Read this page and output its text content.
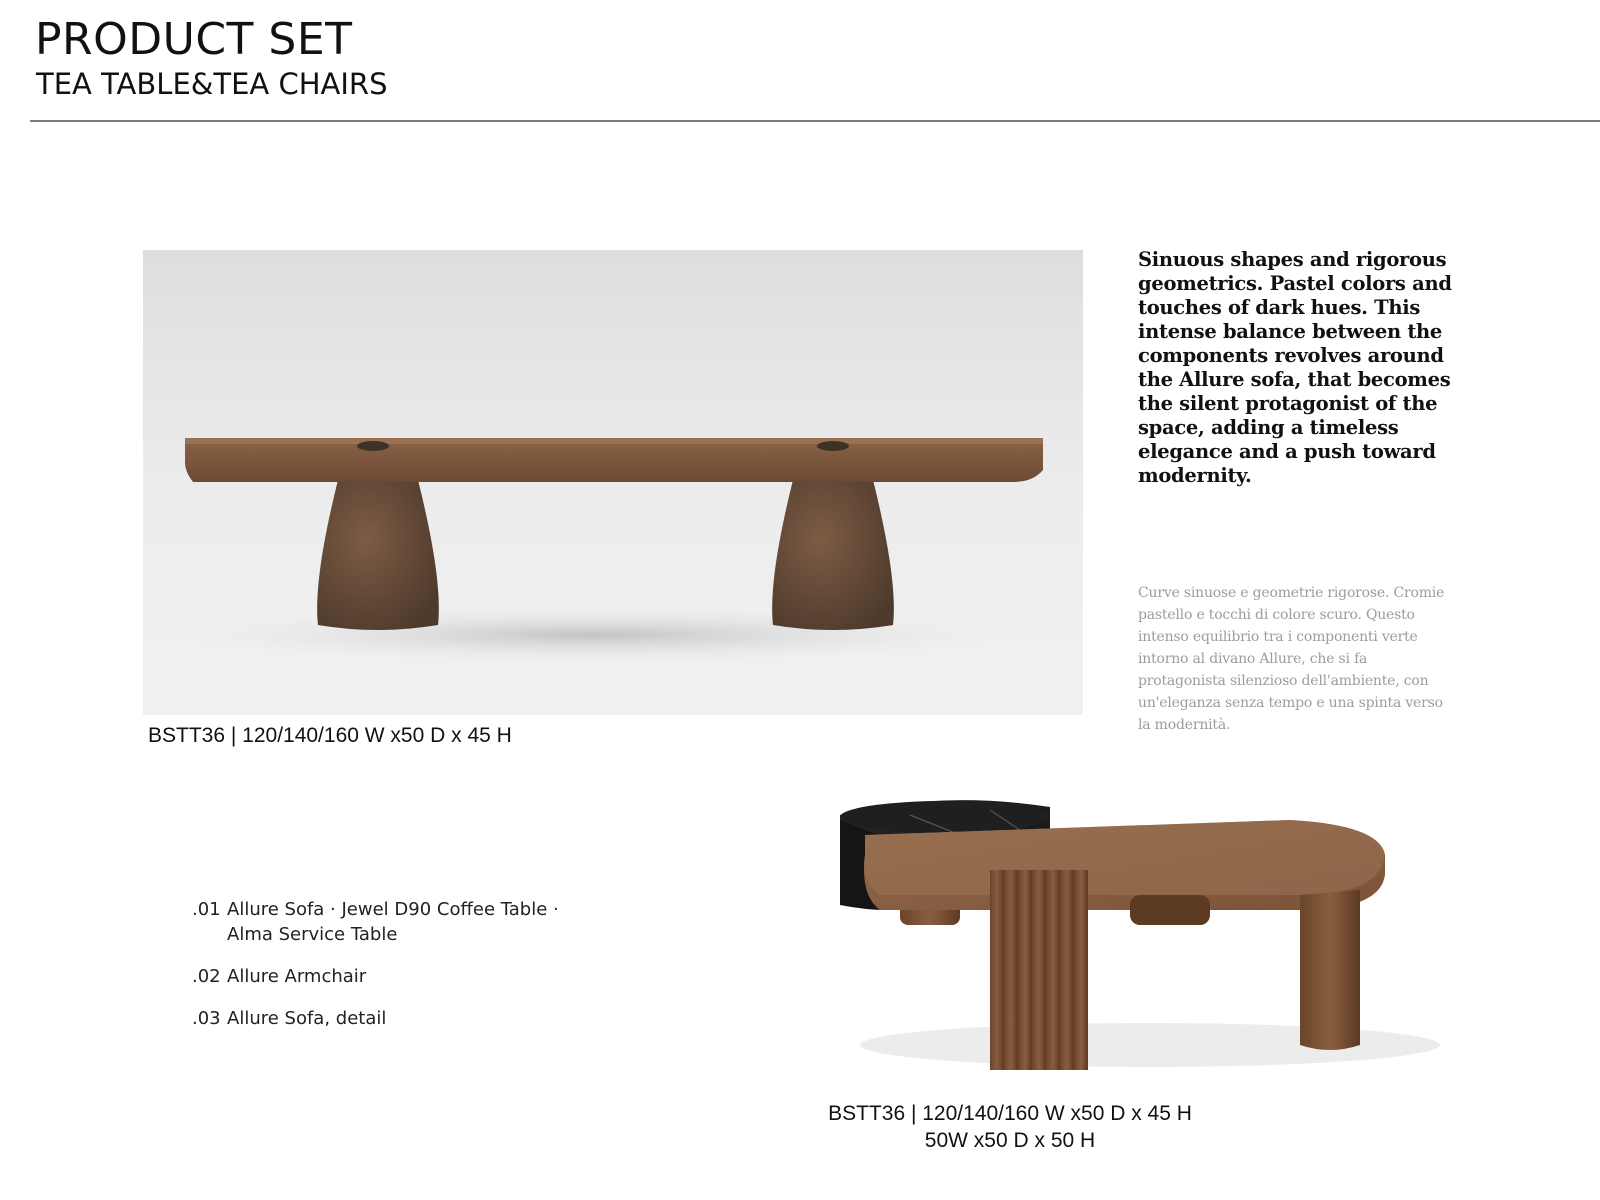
PRODUCT SET
TEA TABLE&TEA CHAIRS
BSTT36 | 120/140/160 W x50 D x 45 H
Sinuous shapes and rigorous geometrics. Pastel colors and touches of dark hues. This intense balance between the components revolves around the Allure sofa, that becomes the silent protagonist of the space, adding a timeless elegance and a push toward modernity.
Curve sinuose e geometrie rigorose. Cromie pastello e tocchi di colore scuro. Questo intenso equilibrio tra i componenti verte intorno al divano Allure, che si fa protagonista silenzioso dell'ambiente, con un'eleganza senza tempo e una spinta verso la modernità.
.01 Allure Sofa · Jewel D90 Coffee Table · Alma Service Table
.02 Allure Armchair
.03 Allure Sofa, detail
BSTT36 | 120/140/160 W x50 D x 45 H
50W x50 D x 50 H
